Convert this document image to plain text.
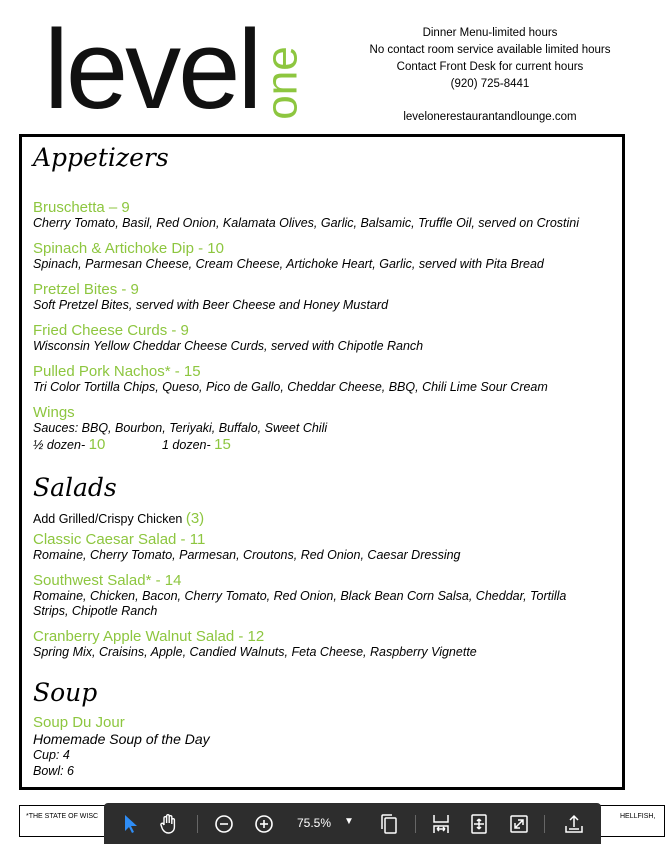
level
one
Dinner Menu-limited hours
No contact room service available limited hours
Contact Front Desk for current hours
(920) 725-8441
levelonerestaurantandlounge.com
Appetizers
Bruschetta – 9
Cherry Tomato, Basil, Red Onion, Kalamata Olives, Garlic, Balsamic, Truffle Oil, served on Crostini
Spinach & Artichoke Dip - 10
Spinach, Parmesan Cheese, Cream Cheese, Artichoke Heart, Garlic, served with Pita Bread
Pretzel Bites - 9
Soft Pretzel Bites, served with Beer Cheese and Honey Mustard
Fried Cheese Curds - 9
Wisconsin Yellow Cheddar Cheese Curds, served with Chipotle Ranch
Pulled Pork Nachos* - 15
Tri Color Tortilla Chips, Queso, Pico de Gallo, Cheddar Cheese, BBQ, Chili Lime Sour Cream
Wings
Sauces: BBQ, Bourbon, Teriyaki, Buffalo, Sweet Chili
½ dozen- 10	1 dozen- 15
Salads
Add Grilled/Crispy Chicken (3)
Classic Caesar Salad - 11
Romaine, Cherry Tomato, Parmesan, Croutons, Red Onion, Caesar Dressing
Southwest Salad* - 14
Romaine, Chicken, Bacon, Cherry Tomato, Red Onion, Black Bean Corn Salsa, Cheddar, Tortilla Strips, Chipotle Ranch
Cranberry Apple Walnut Salad - 12
Spring Mix, Craisins, Apple, Candied Walnuts, Feta Cheese, Raspberry Vignette
Soup
Soup Du Jour
Homemade Soup of the Day
Cup: 4
Bowl: 6
*THE STATE OF WISC	HELLFISH,
75.5% ▼
